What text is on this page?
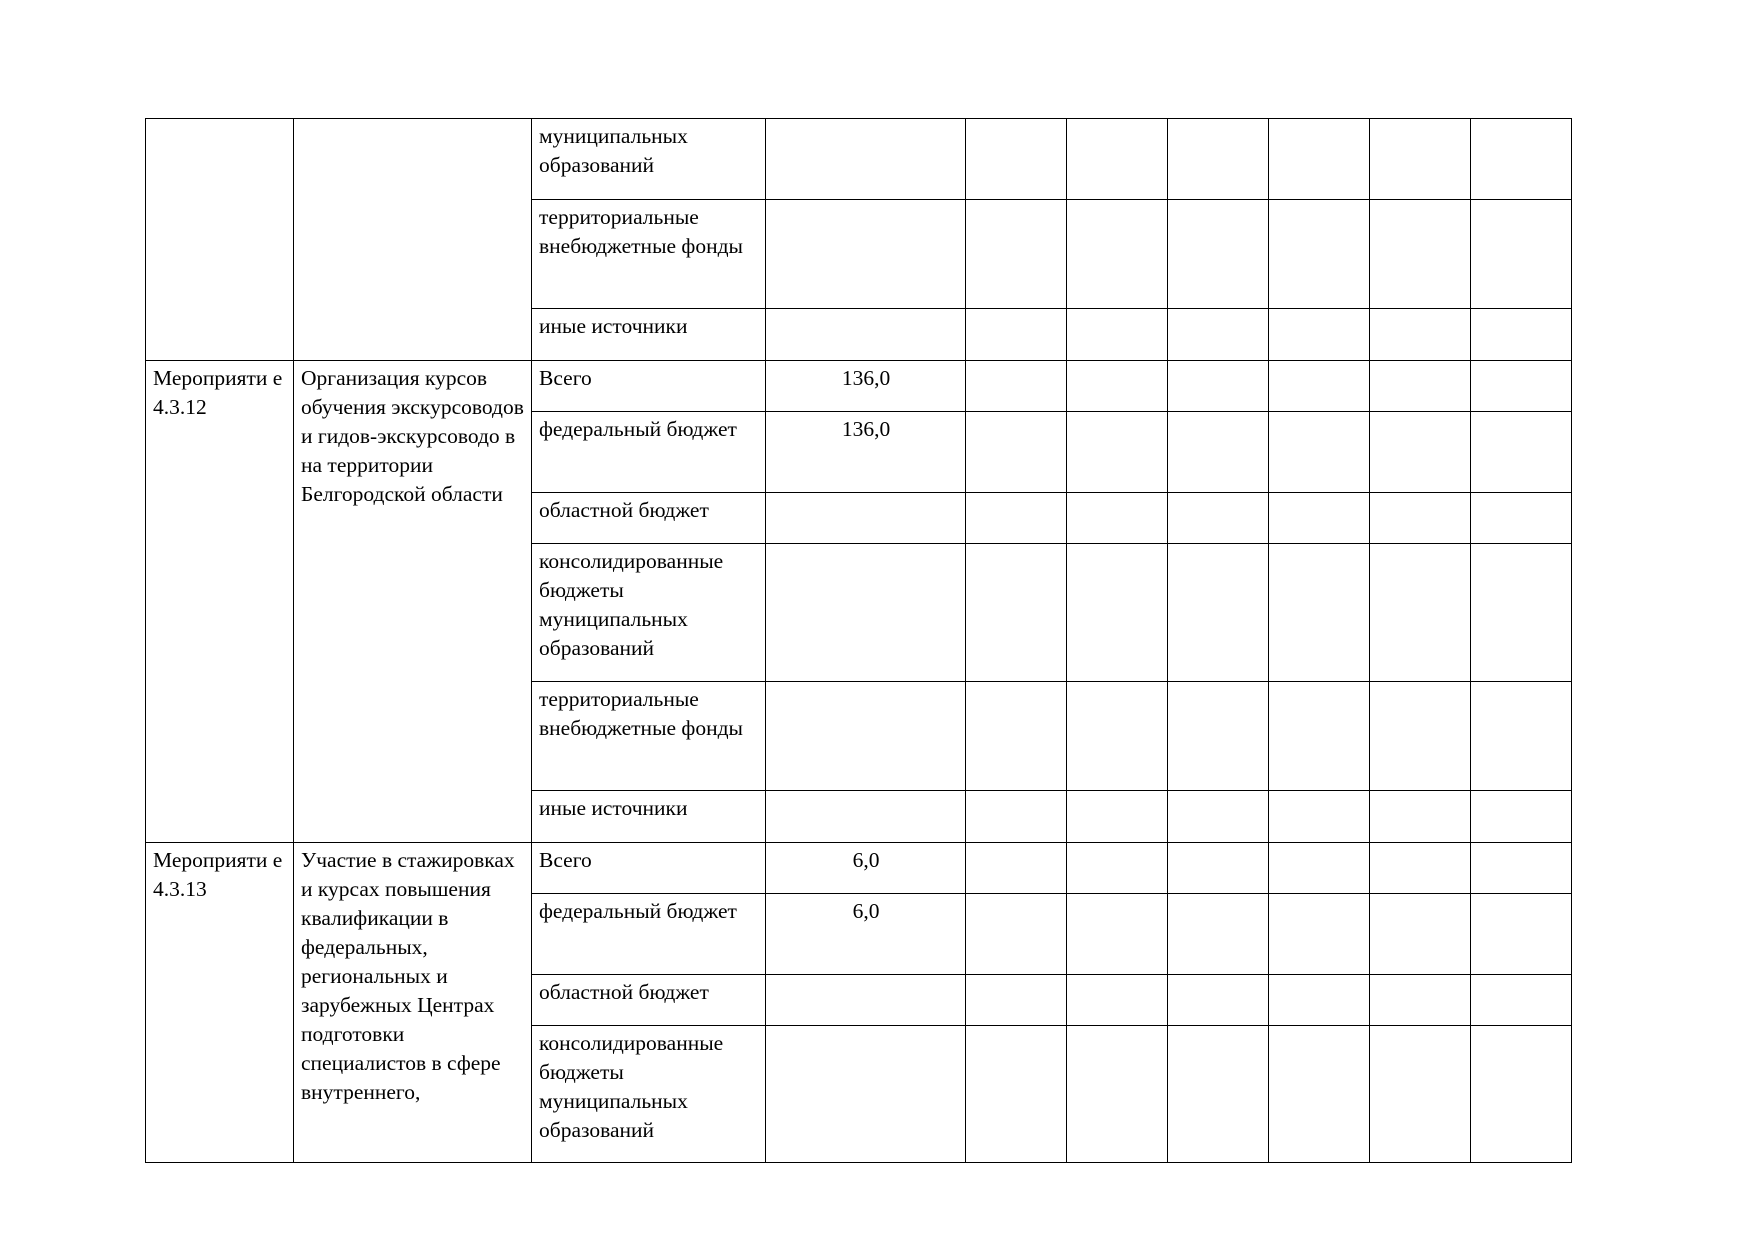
		муниципальных образований							

		территориальные внебюджетные фонды							

		иные источники							

Мероприяти е 4.3.12	Организация курсов обучения экскурсоводов и гидов-экскурсоводо в на территории Белгородской области	Всего	136,0						

		федеральный бюджет	136,0						

		областной бюджет							

		консолидированные бюджеты муниципальных образований							

		территориальные внебюджетные фонды							

		иные источники							

Мероприяти е 4.3.13	Участие в стажировках и курсах повышения квалификации в федеральных, региональных и зарубежных Центрах подготовки специалистов в сфере внутреннего,	Всего	6,0						

		федеральный бюджет	6,0						

		областной бюджет							

		консолидированные бюджеты муниципальных образований							
